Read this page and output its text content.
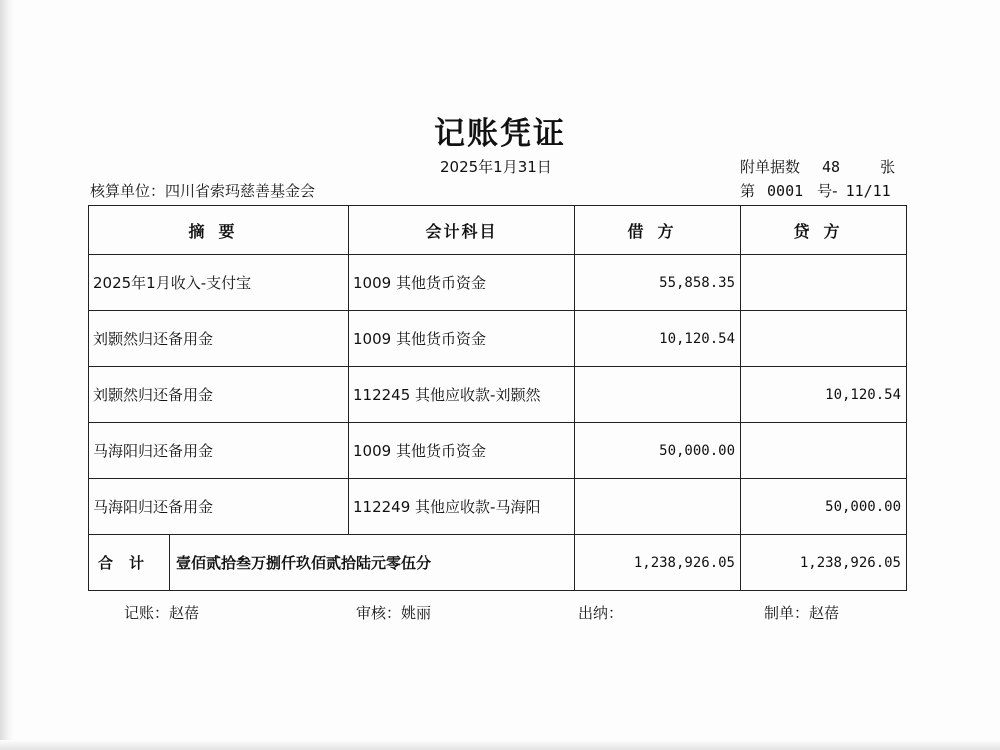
记账凭证
2025年1月31日	附单据数 48	张
核算单位：四川省索玛慈善基金会	第 0001 号- 11/11
摘要	会计科目	借方	贷方
2025年1月收入-支付宝	1009 其他货币资金	55,858.35	
刘颢然归还备用金	1009 其他货币资金	10,120.54	
刘颢然归还备用金	112245 其他应收款-刘颢然		10,120.54
马海阳归还备用金	1009 其他货币资金	50,000.00	
马海阳归还备用金	112249 其他应收款-马海阳		50,000.00

合计 壹佰贰拾叁万捌仟玖佰贰拾陆元零伍分		1,238,926.05	1,238,926.05
记账：赵蓓	审核：姚丽	出纳：	制单：赵蓓
